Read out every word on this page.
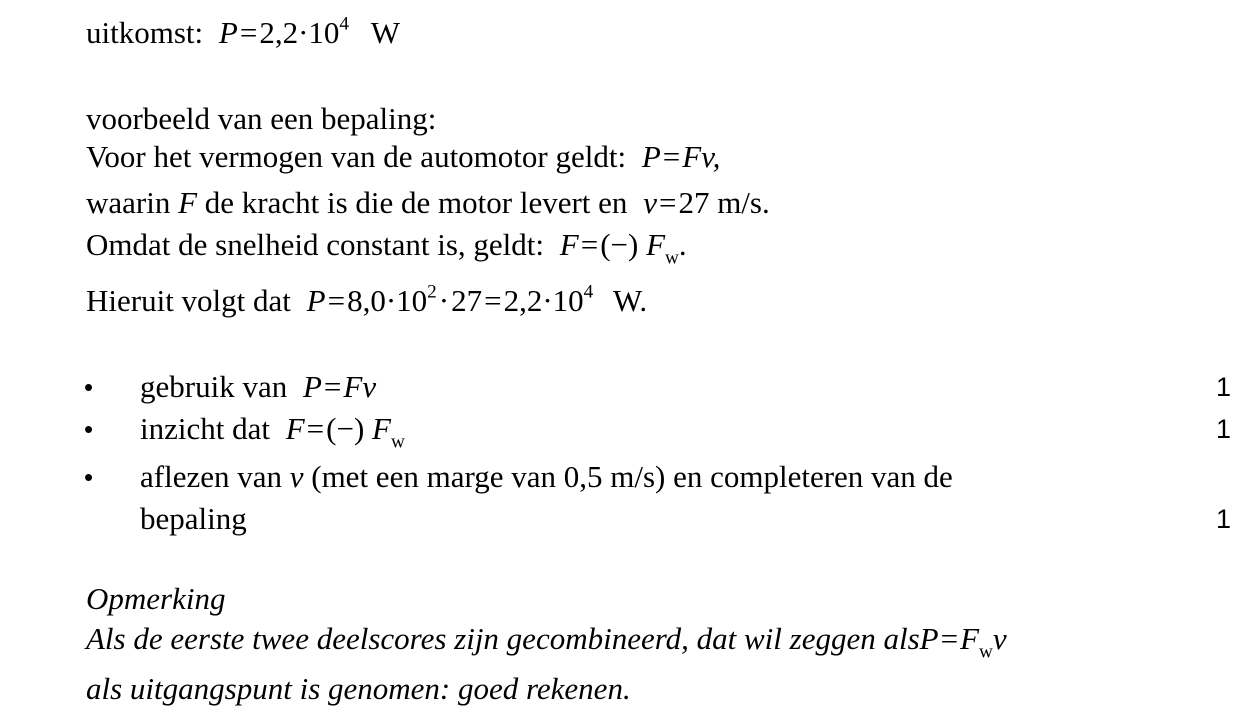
uitkomst: $P=2,2\cdot 10^4$ W
voorbeeld van een bepaling:
Voor het vermogen van de automotor geldt: P=Fv,
waarin F de kracht is die de motor levert en v=27 m/s.
Omdat de snelheid constant is, geldt: F=(−) $F_w$.
Hieruit volgt dat $P=8,0\cdot 10^2\cdot 27=2,2\cdot 10^4$ W.
• gebruik van P=Fv	1
• inzicht dat F=(−) $F_w$	1
• aflezen van v (met een marge van 0,5 m/s) en completeren van de
bepaling	1
Opmerking
Als de eerste twee deelscores zijn gecombineerd, dat wil zeggen $alsP=F_wv$
als uitgangspunt is genomen: goed rekenen.
